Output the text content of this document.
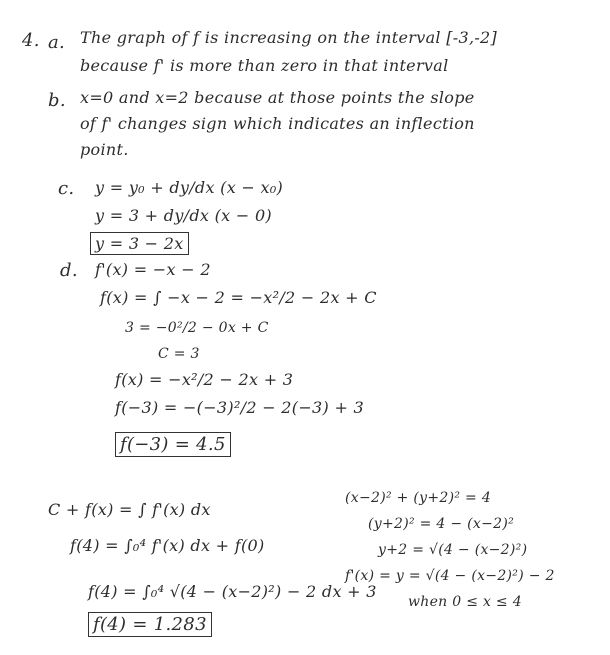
4. a. The graph of f is increasing on the interval [-3,-2]
because f' is more than zero in that interval
b. x=0 and x=2 because at those points the slope
of f' changes sign which indicates an inflection
point.
c. y = y₀ + dy/dx (x − x₀)
y = 3 + dy/dx (x − 0)
y = 3 − 2x
d. f'(x) = −x − 2
f(x) = ∫ −x − 2 = −x²/2 − 2x + C
3 = −0²/2 − 0x + C
C = 3
f(x) = −x²/2 − 2x + 3
f(−3) = −(−3)²/2 − 2(−3) + 3
f(−3) = 4.5
C + f(x) = ∫ f'(x) dx
f(4) = ∫₀⁴ f'(x) dx + f(0)
f(4) = ∫₀⁴ √(4 − (x−2)²) − 2 dx + 3
f(4) = 1.283
(x−2)² + (y+2)² = 4
(y+2)² = 4 − (x−2)²
y+2 = √(4 − (x−2)²)
f'(x) = y = √(4 − (x−2)²) − 2
when 0 ≤ x ≤ 4
